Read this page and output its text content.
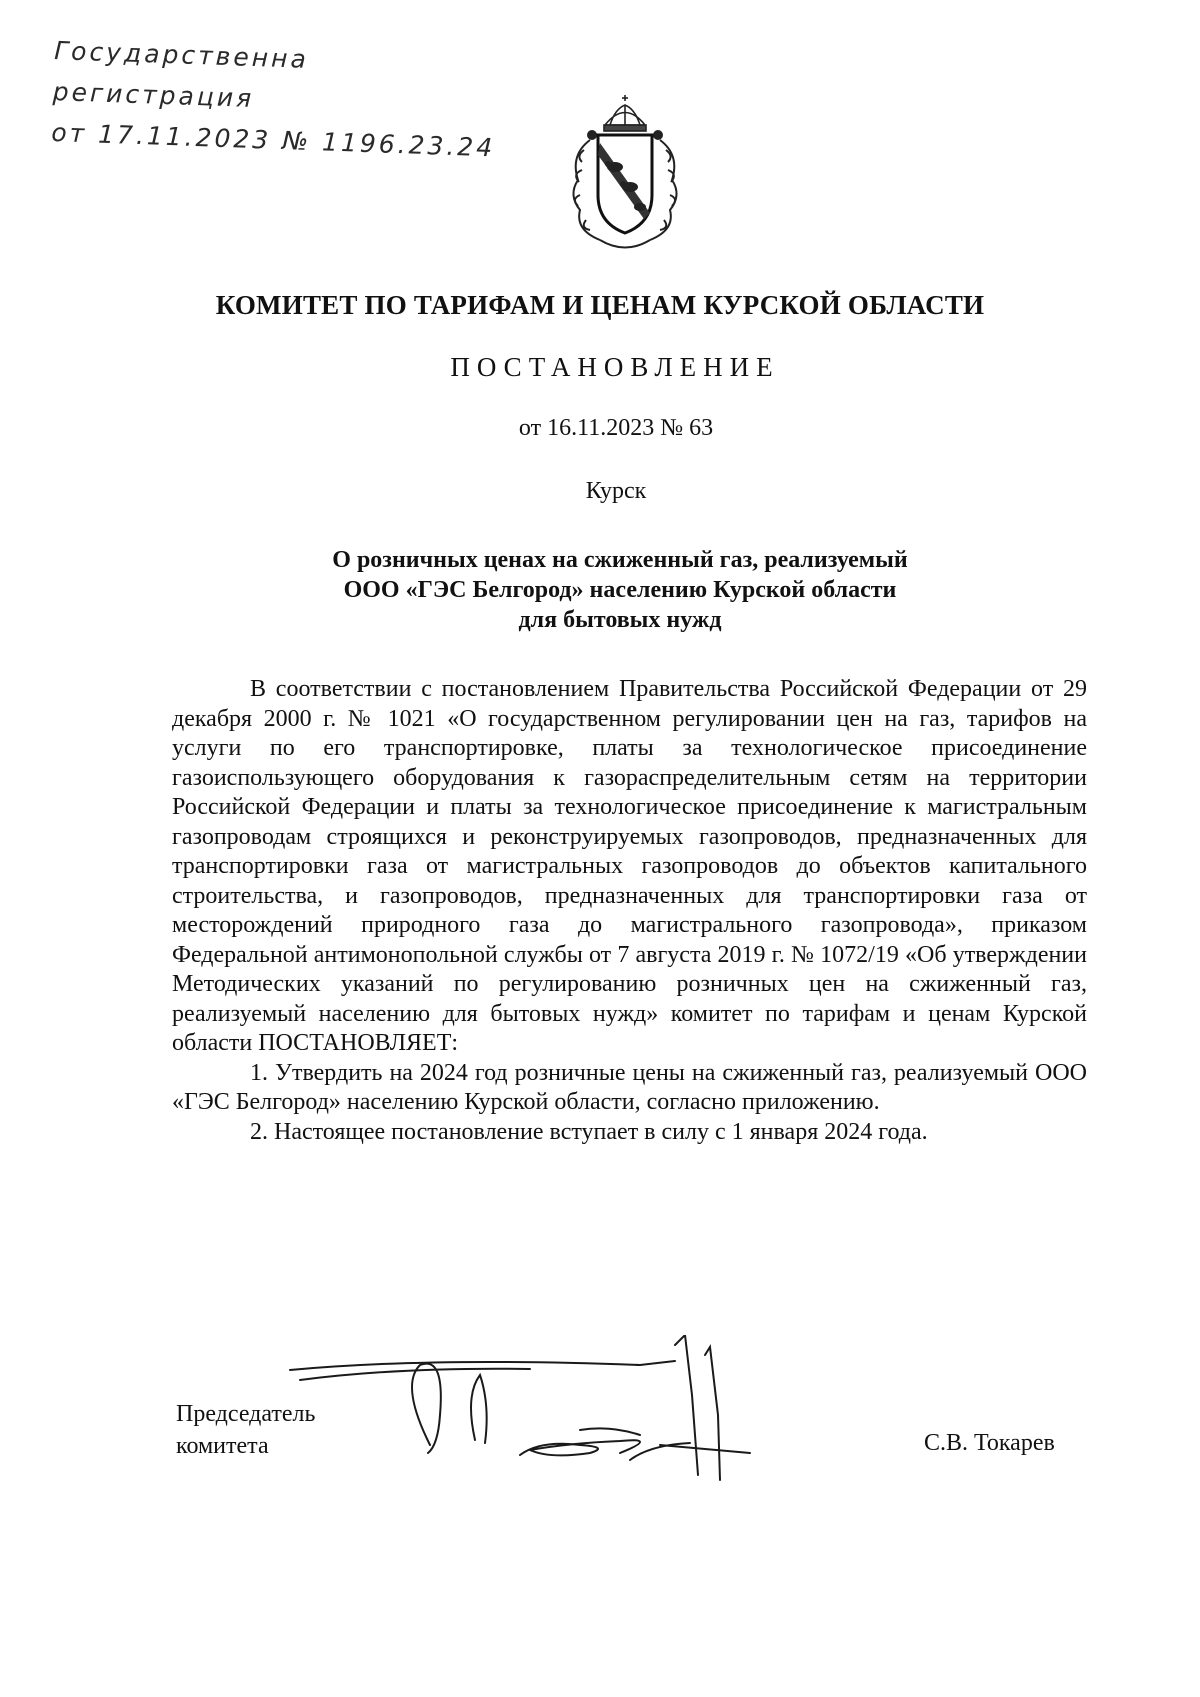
Государственна
регистрация
от 17.11.2023 № 1196.23.24
КОМИТЕТ ПО ТАРИФАМ И ЦЕНАМ КУРСКОЙ ОБЛАСТИ
ПОСТАНОВЛЕНИЕ
от 16.11.2023 № 63
Курск
О розничных ценах на сжиженный газ, реализуемый
ООО «ГЭС Белгород» населению Курской области
для бытовых нужд

В соответствии с постановлением Правительства Российской Федерации от 29 декабря 2000 г. № 1021 «О государственном регулировании цен на газ, тарифов на услуги по его транспортировке, платы за технологическое присоединение газоиспользующего оборудования к газораспределительным сетям на территории Российской Федерации и платы за технологическое присоединение к магистральным газопроводам строящихся и реконструируемых газопроводов, предназначенных для транспортировки газа от магистральных газопроводов до объектов капитального строительства, и газопроводов, предназначенных для транспортировки газа от месторождений природного газа до магистрального газопровода», приказом Федеральной антимонопольной службы от 7 августа 2019 г. № 1072/19 «Об утверждении Методических указаний по регулированию розничных цен на сжиженный газ, реализуемый населению для бытовых нужд» комитет по тарифам и ценам Курской области ПОСТАНОВЛЯЕТ:

1. Утвердить на 2024 год розничные цены на сжиженный газ, реализуемый ООО «ГЭС Белгород» населению Курской области, согласно приложению.

2. Настоящее постановление вступает в силу с 1 января 2024 года.

Председатель
комитета	С.В. Токарев
